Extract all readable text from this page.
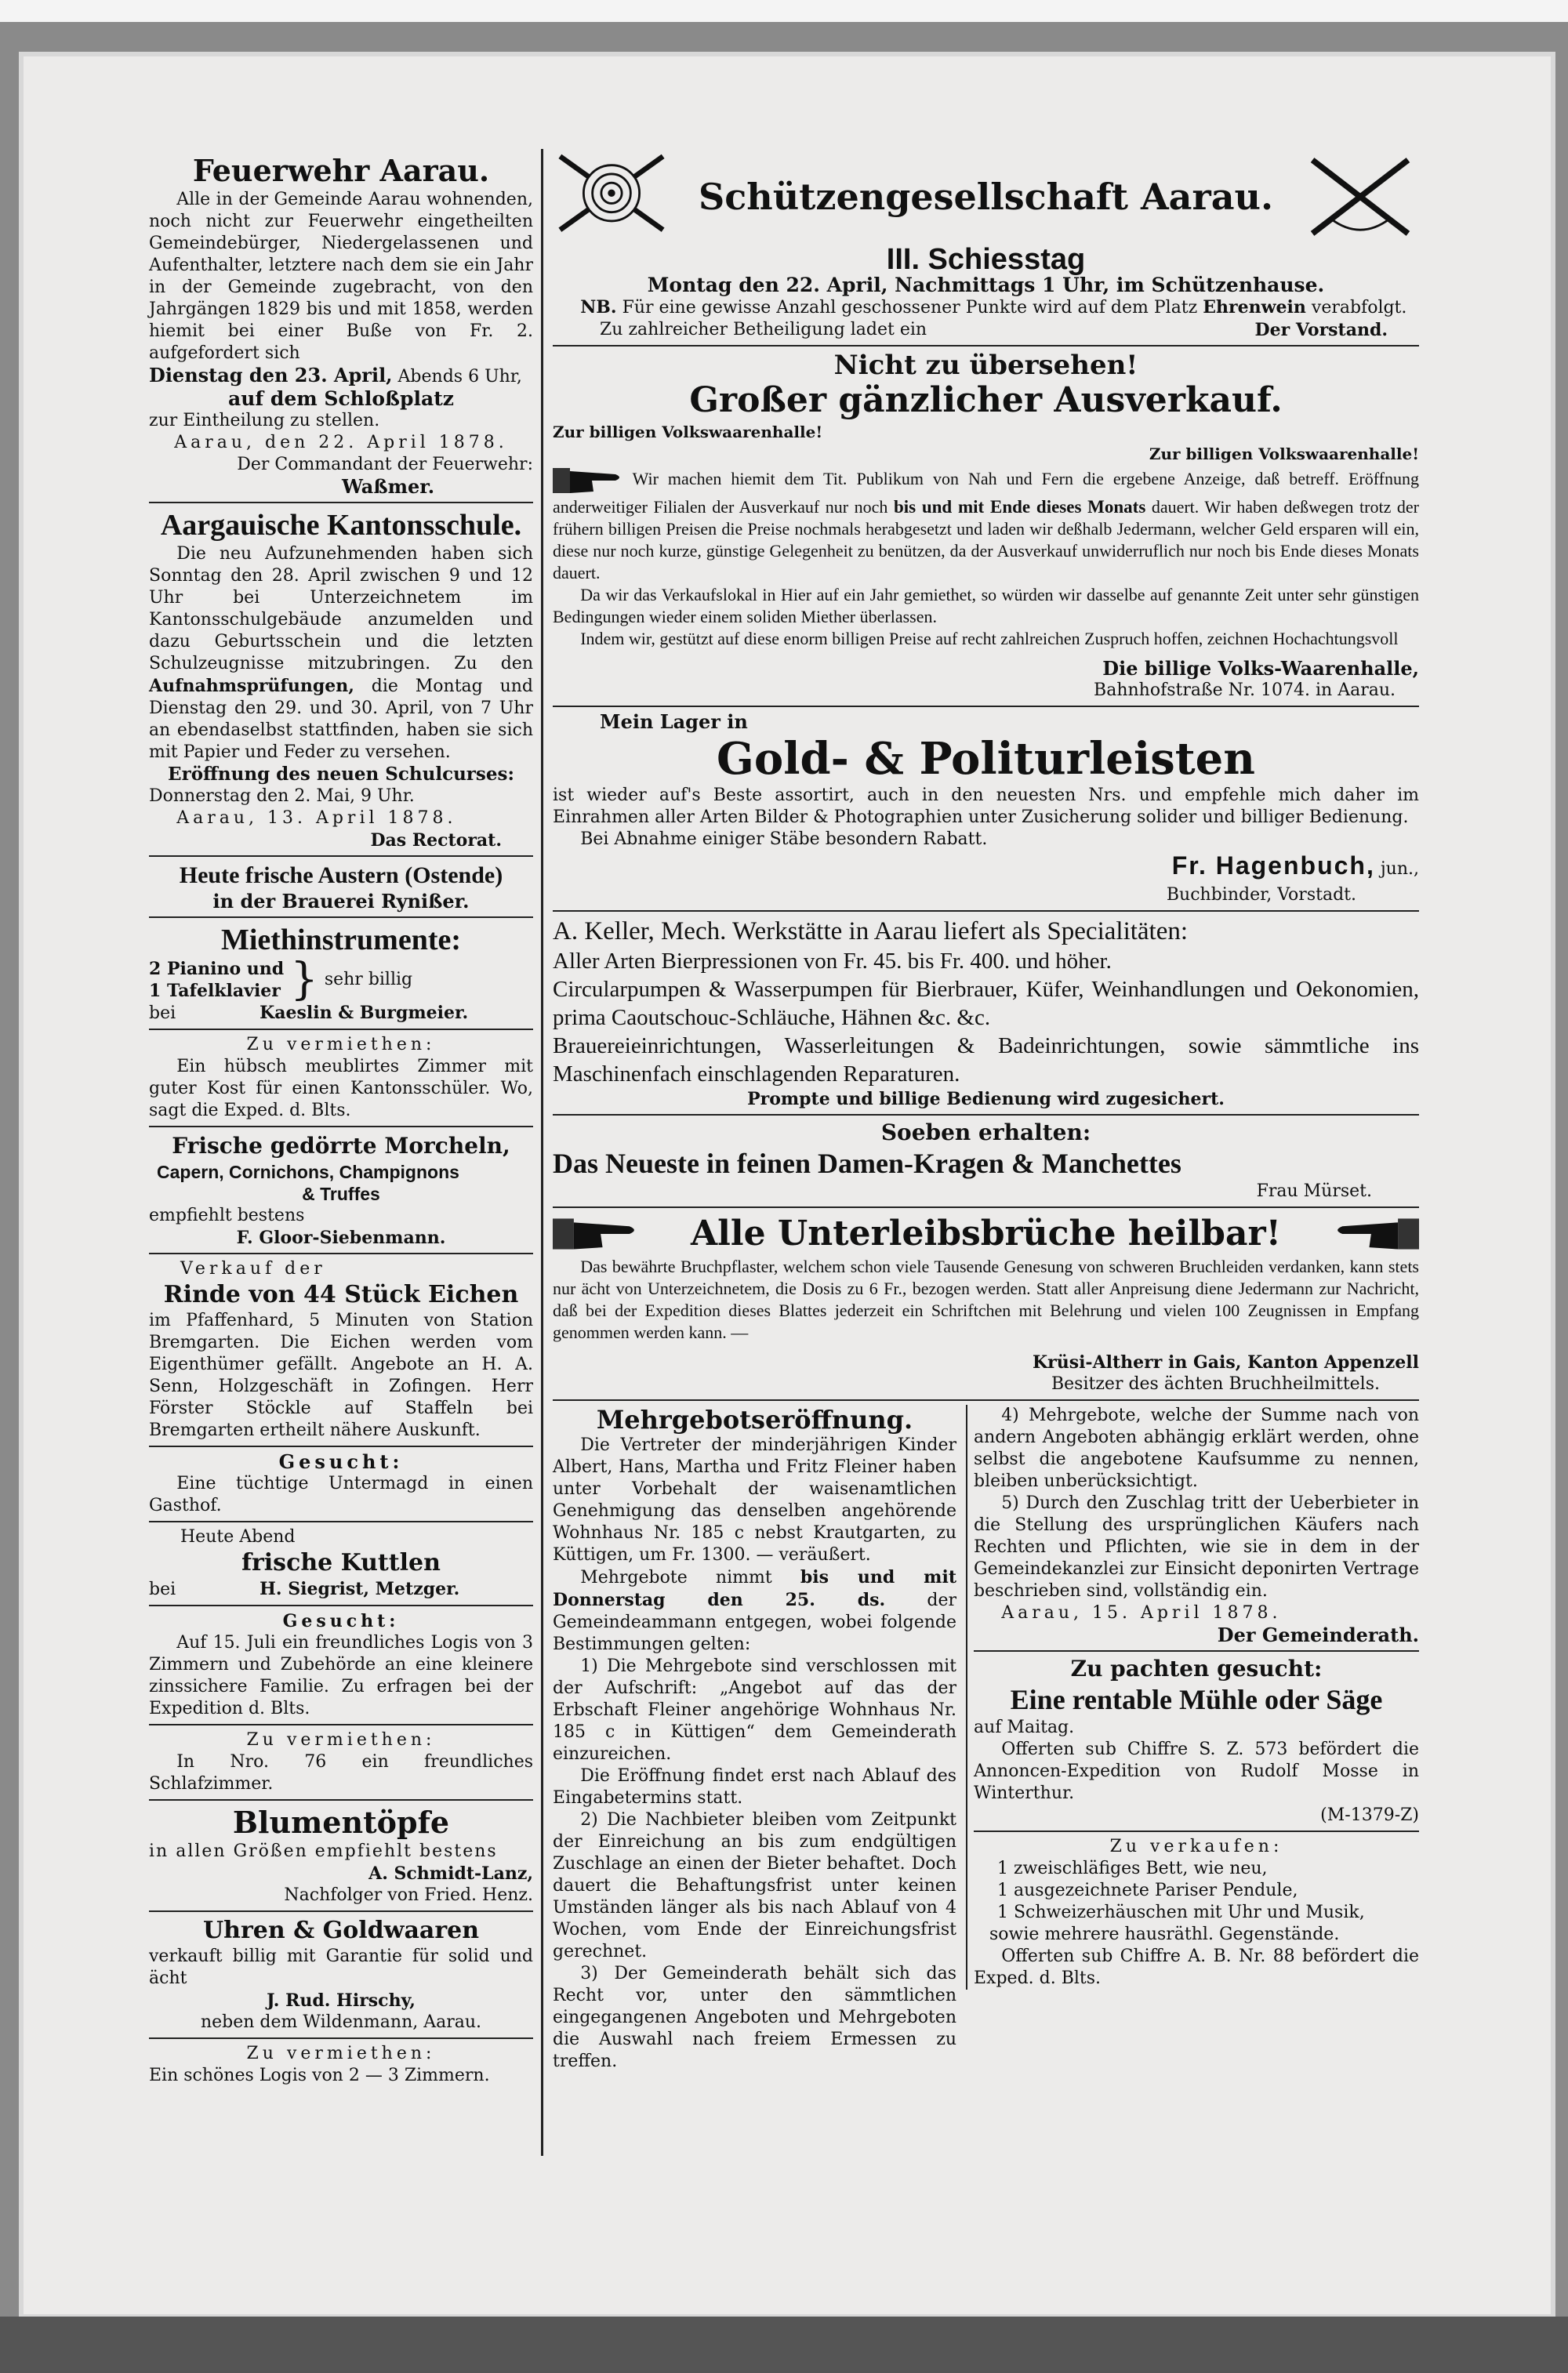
Feuerwehr Aarau.

Alle in der Gemeinde Aarau wohnenden, noch nicht zur Feuerwehr eingetheilten Gemeindebürger, Niedergelassenen und Aufenthalter, letztere nach dem sie ein Jahr in der Gemeinde zugebracht, von den Jahrgängen 1829 bis und mit 1858, werden hiemit bei einer Buße von Fr. 2. aufgefordert sich

Dienstag den 23. April, Abends 6 Uhr,

auf dem Schloßplatz

zur Eintheilung zu stellen.

Aarau, den 22. April 1878.

Der Commandant der Feuerwehr:

Waßmer.

Aargauische Kantonsschule.

Die neu Aufzunehmenden haben sich Sonntag den 28. April zwischen 9 und 12 Uhr bei Unterzeichnetem im Kantonsschulgebäude anzumelden und dazu Geburtsschein und die letzten Schulzeugnisse mitzubringen. Zu den Aufnahmsprüfungen, die Montag und Dienstag den 29. und 30. April, von 7 Uhr an ebendaselbst stattfinden, haben sie sich mit Papier und Feder zu versehen.

Eröffnung des neuen Schulcurses:

Donnerstag den 2. Mai, 9 Uhr.

Aarau, 13. April 1878.

Das Rectorat.

Heute frische Austern (Ostende)

in der Brauerei Rynißer.

Miethinstrumente:

2 Pianino und

1 Tafelklavier } sehr billig

bei	Kaeslin & Burgmeier.

Zu vermiethen:

Ein hübsch meublirtes Zimmer mit guter Kost für einen Kantonsschüler. Wo, sagt die Exped. d. Blts.

Frische gedörrte Morcheln,

Capern, Cornichons, Champignons

& Truffes

empfiehlt bestens

F. Gloor-Siebenmann.

Verkauf der

Rinde von 44 Stück Eichen

im Pfaffenhard, 5 Minuten von Station Bremgarten. Die Eichen werden vom Eigenthümer gefällt. Angebote an H. A. Senn, Holzgeschäft in Zofingen. Herr Förster Stöckle auf Staffeln bei Bremgarten ertheilt nähere Auskunft.

Gesucht:

Eine tüchtige Untermagd in einen Gasthof.

Heute Abend

frische Kuttlen

bei	H. Siegrist, Metzger.

Gesucht:

Auf 15. Juli ein freundliches Logis von 3 Zimmern und Zubehörde an eine kleinere zinssichere Familie. Zu erfragen bei der Expedition d. Blts.

Zu vermiethen:

In Nro. 76 ein freundliches Schlafzimmer.

Blumentöpfe

in allen Größen empfiehlt bestens

A. Schmidt-Lanz,

Nachfolger von Fried. Henz.

Uhren & Goldwaaren

verkauft billig mit Garantie für solid und ächt

J. Rud. Hirschy,

neben dem Wildenmann, Aarau.

Zu vermiethen:

Ein schönes Logis von 2 — 3 Zimmern.

Schützengesellschaft Aarau.
III. Schiesstag

Montag den 22. April, Nachmittags 1 Uhr, im Schützenhause.

NB. Für eine gewisse Anzahl geschossener Punkte wird auf dem Platz Ehrenwein verabfolgt.

Zu zahlreicher Betheiligung ladet ein	Der Vorstand.

Nicht zu übersehen!
Großer gänzlicher Ausverkauf.

Zur billigen Volkswaarenhalle!

Zur billigen Volkswaarenhalle!

Wir machen hiemit dem Tit. Publikum von Nah und Fern die ergebene Anzeige, daß betreff. Eröffnung anderweitiger Filialen der Ausverkauf nur noch bis und mit Ende dieses Monats dauert. Wir haben deßwegen trotz der frühern billigen Preisen die Preise nochmals herabgesetzt und laden wir deßhalb Jedermann, welcher Geld ersparen will ein, diese nur noch kurze, günstige Gelegenheit zu benützen, da der Ausverkauf unwiderruflich nur noch bis Ende dieses Monats dauert.

Da wir das Verkaufslokal in Hier auf ein Jahr gemiethet, so würden wir dasselbe auf genannte Zeit unter sehr günstigen Bedingungen wieder einem soliden Miether überlassen.

Indem wir, gestützt auf diese enorm billigen Preise auf recht zahlreichen Zuspruch hoffen, zeichnen Hochachtungsvoll

Die billige Volks-Waarenhalle,

Bahnhofstraße Nr. 1074. in Aarau.

Mein Lager in

Gold- & Politurleisten

ist wieder auf's Beste assortirt, auch in den neuesten Nrs. und empfehle mich daher im Einrahmen aller Arten Bilder & Photographien unter Zusicherung solider und billiger Bedienung.

Bei Abnahme einiger Stäbe besondern Rabatt.

Fr. Hagenbuch, jun.,

Buchbinder, Vorstadt.

A. Keller, Mech. Werkstätte in Aarau liefert als Specialitäten:

Aller Arten Bierpressionen von Fr. 45. bis Fr. 400. und höher.

Circularpumpen & Wasserpumpen für Bierbrauer, Küfer, Weinhandlungen und Oekonomien, prima Caoutschouc-Schläuche, Hähnen &c. &c.

Brauereieinrichtungen, Wasserleitungen & Badeinrichtungen, sowie sämmtliche ins Maschinenfach einschlagenden Reparaturen.

Prompte und billige Bedienung wird zugesichert.

Soeben erhalten:

Das Neueste in feinen Damen-Kragen & Manchettes

Frau Mürset.

Alle Unterleibsbrüche heilbar!

Das bewährte Bruchpflaster, welchem schon viele Tausende Genesung von schweren Bruchleiden verdanken, kann stets nur ächt von Unterzeichnetem, die Dosis zu 6 Fr., bezogen werden. Statt aller Anpreisung diene Jedermann zur Nachricht, daß bei der Expedition dieses Blattes jederzeit ein Schriftchen mit Belehrung und vielen 100 Zeugnissen in Empfang genommen werden kann. —

Krüsi-Altherr in Gais, Kanton Appenzell

Besitzer des ächten Bruchheilmittels.

Mehrgebotseröffnung.

Die Vertreter der minderjährigen Kinder Albert, Hans, Martha und Fritz Fleiner haben unter Vorbehalt der waisenamtlichen Genehmigung das denselben angehörende Wohnhaus Nr. 185 c nebst Krautgarten, zu Küttigen, um Fr. 1300. — veräußert.

Mehrgebote nimmt bis und mit Donnerstag den 25. ds. der Gemeindeammann entgegen, wobei folgende Bestimmungen gelten:

1) Die Mehrgebote sind verschlossen mit der Aufschrift: „Angebot auf das der Erbschaft Fleiner angehörige Wohnhaus Nr. 185 c in Küttigen“ dem Gemeinderath einzureichen.

Die Eröffnung findet erst nach Ablauf des Eingabetermins statt.

2) Die Nachbieter bleiben vom Zeitpunkt der Einreichung an bis zum endgültigen Zuschlage an einen der Bieter behaftet. Doch dauert die Behaftungsfrist unter keinen Umständen länger als bis nach Ablauf von 4 Wochen, vom Ende der Einreichungsfrist gerechnet.

3) Der Gemeinderath behält sich das Recht vor, unter den sämmtlichen eingegangenen Angeboten und Mehrgeboten die Auswahl nach freiem Ermessen zu treffen.

4) Mehrgebote, welche der Summe nach von andern Angeboten abhängig erklärt werden, ohne selbst die angebotene Kaufsumme zu nennen, bleiben unberücksichtigt.

5) Durch den Zuschlag tritt der Ueberbieter in die Stellung des ursprünglichen Käufers nach Rechten und Pflichten, wie sie in dem in der Gemeindekanzlei zur Einsicht deponirten Vertrage beschrieben sind, vollständig ein.

Aarau, 15. April 1878.

Der Gemeinderath.

Zu pachten gesucht:
Eine rentable Mühle oder Säge

auf Maitag.

Offerten sub Chiffre S. Z. 573 befördert die Annoncen-Expedition von Rudolf Mosse in Winterthur.

(M-1379-Z)

Zu verkaufen:

1 zweischläfiges Bett, wie neu,

1 ausgezeichnete Pariser Pendule,

1 Schweizerhäuschen mit Uhr und Musik,

sowie mehrere hausräthl. Gegenstände.

Offerten sub Chiffre A. B. Nr. 88 befördert die Exped. d. Blts.
